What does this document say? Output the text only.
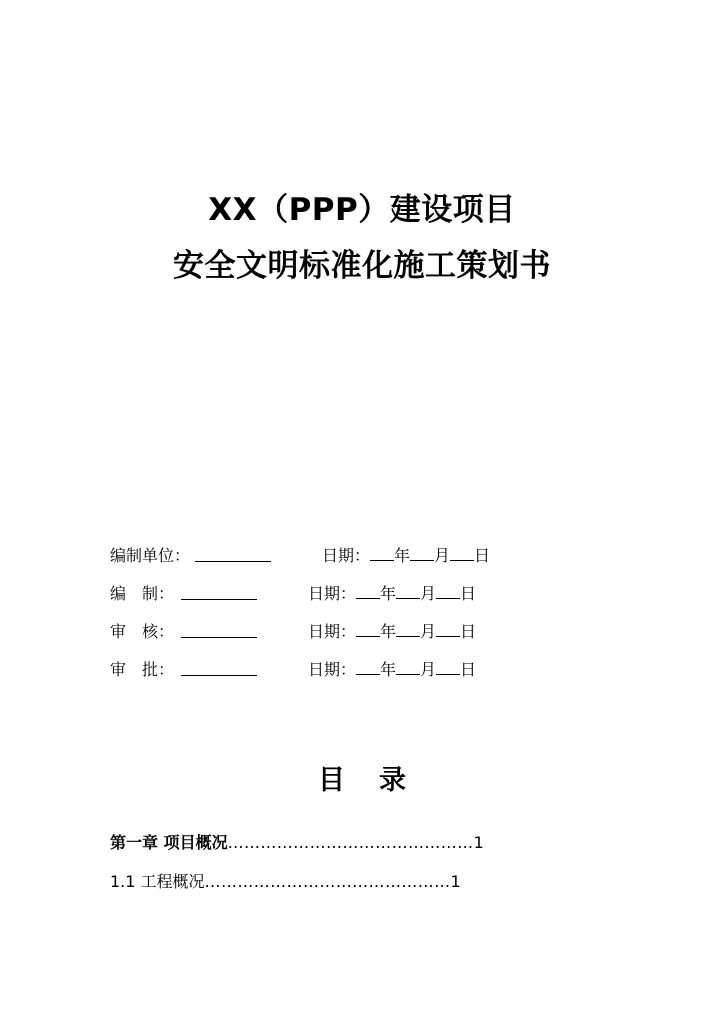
XX（PPP）建设项目
安全文明标准化施工策划书
编制单位：	日期： 年 月 日
编　制：	日期： 年 月 日
审　核：	日期： 年 月 日
审　批：	日期： 年 月 日
目 录
第一章 项目概况………………………………………1
1.1 工程概况………………………………………1
